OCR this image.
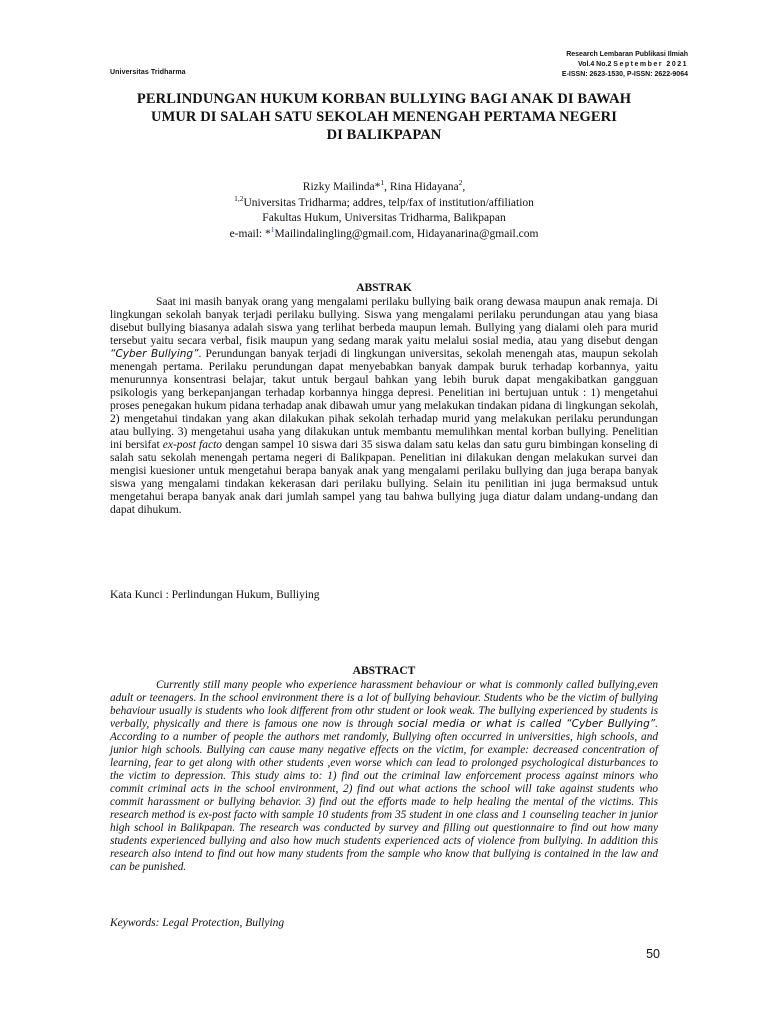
Universitas Tridharma
Research Lembaran Publikasi Ilmiah
Vol.4 No.2 September 2021
E-ISSN: 2623-1530, P-ISSN: 2622-9064
PERLINDUNGAN HUKUM KORBAN BULLYING BAGI ANAK DI BAWAH
UMUR DI SALAH SATU SEKOLAH MENENGAH PERTAMA NEGERI
DI BALIKPAPAN
Rizky Mailinda*$^1$, Rina Hidayana$^2$,
$^{1,2}$Universitas Tridharma; addres, telp/fax of institution/affiliation
Fakultas Hukum, Universitas Tridharma, Balikpapan
e-mail: *$^1$Mailindalingling@gmail.com, Hidayanarina@gmail.com
ABSTRAK
Saat ini masih banyak orang yang mengalami perilaku bullying baik orang dewasa maupun anak remaja. Di lingkungan sekolah banyak terjadi perilaku bullying. Siswa yang mengalami perilaku perundungan atau yang biasa disebut bullying biasanya adalah siswa yang terlihat berbeda maupun lemah. Bullying yang dialami oleh para murid tersebut yaitu secara verbal, fisik maupun yang sedang marak yaitu melalui sosial media, atau yang disebut dengan “Cyber Bullying”. Perundungan banyak terjadi di lingkungan universitas, sekolah menengah atas, maupun sekolah menengah pertama. Perilaku perundungan dapat menyebabkan banyak dampak buruk terhadap korbannya, yaitu menurunnya konsentrasi belajar, takut untuk bergaul bahkan yang lebih buruk dapat mengakibatkan gangguan psikologis yang berkepanjangan terhadap korbannya hingga depresi. Penelitian ini bertujuan untuk : 1) mengetahui proses penegakan hukum pidana terhadap anak dibawah umur yang melakukan tindakan pidana di lingkungan sekolah, 2) mengetahui tindakan yang akan dilakukan pihak sekolah terhadap murid yang melakukan perilaku perundungan atau bullying. 3) mengetahui usaha yang dilakukan untuk membantu memulihkan mental korban bullying. Penelitian ini bersifat ex-post facto dengan sampel 10 siswa dari 35 siswa dalam satu kelas dan satu guru bimbingan konseling di salah satu sekolah menengah pertama negeri di Balikpapan. Penelitian ini dilakukan dengan melakukan survei dan mengisi kuesioner untuk mengetahui berapa banyak anak yang mengalami perilaku bullying dan juga berapa banyak siswa yang mengalami tindakan kekerasan dari perilaku bullying. Selain itu penilitian ini juga bermaksud untuk mengetahui berapa banyak anak dari jumlah sampel yang tau bahwa bullying juga diatur dalam undang-undang dan dapat dihukum.
Kata Kunci : Perlindungan Hukum, Bulliying
ABSTRACT
Currently still many people who experience harassment behaviour or what is commonly called bullying,even adult or teenagers. In the school environment there is a lot of bullying behaviour. Students who be the victim of bullying behaviour usually is students who look different from othr student or look weak. The bullying experienced by students is verbally, physically and there is famous one now is through social media or what is called “Cyber Bullying”. According to a number of people the authors met randomly, Bullying often occurred in universities, high schools, and junior high schools. Bullying can cause many negative effects on the victim, for example: decreased concentration of learning, fear to get along with other students ,even worse which can lead to prolonged psychological disturbances to the victim to depression. This study aims to: 1) find out the criminal law enforcement process against minors who commit criminal acts in the school environment, 2) find out what actions the school will take against students who commit harassment or bullying behavior. 3) find out the efforts made to help healing the mental of the victims. This research method is ex-post facto with sample 10 students from 35 student in one class and 1 counseling teacher in junior high school in Balikpapan. The research was conducted by survey and filling out questionnaire to find out how many students experienced bullying and also how much students experienced acts of violence from bullying. In addition this research also intend to find out how many students from the sample who know that bullying is contained in the law and can be punished.
Keywords: Legal Protection, Bullying
50
